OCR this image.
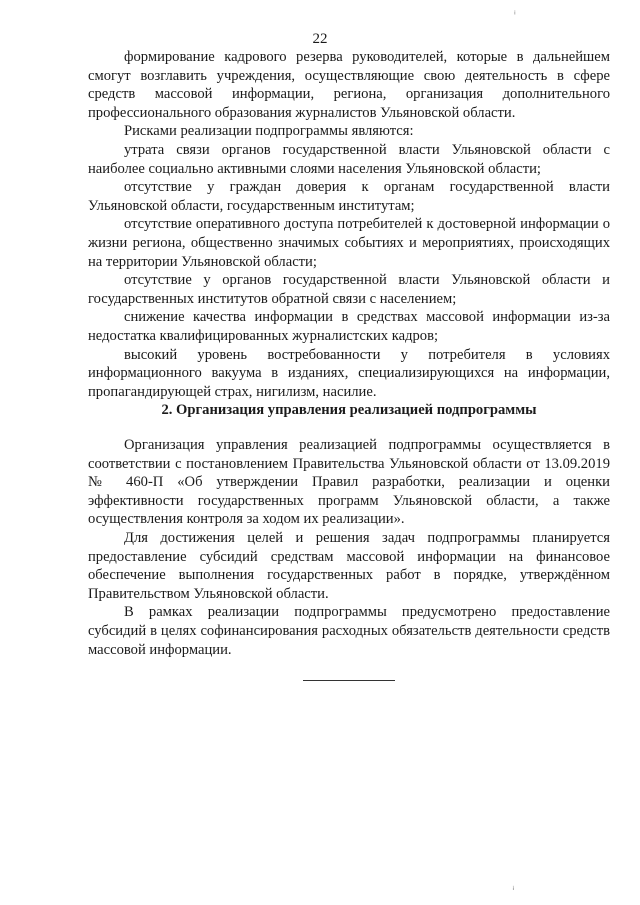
22

формирование кадрового резерва руководителей, которые в дальнейшем смогут возглавить учреждения, осуществляющие свою деятельность в сфере средств массовой информации, региона, организация дополнительного профессионального образования журналистов Ульяновской области.

Рисками реализации подпрограммы являются:

утрата связи органов государственной власти Ульяновской области с наиболее социально активными слоями населения Ульяновской области;

отсутствие у граждан доверия к органам государственной власти Ульяновской области, государственным институтам;

отсутствие оперативного доступа потребителей к достоверной информации о жизни региона, общественно значимых событиях и мероприятиях, происходящих на территории Ульяновской области;

отсутствие у органов государственной власти Ульяновской области и государственных институтов обратной связи с населением;

снижение качества информации в средствах массовой информации из-за недостатка квалифицированных журналистских кадров;

высокий уровень востребованности у потребителя в условиях информационного вакуума в изданиях, специализирующихся на информации, пропагандирующей страх, нигилизм, насилие.

2. Организация управления реализацией подпрограммы

Организация управления реализацией подпрограммы осуществляется в соответствии с постановлением Правительства Ульяновской области от 13.09.2019 № 460-П «Об утверждении Правил разработки, реализации и оценки эффективности государственных программ Ульяновской области, а также осуществления контроля за ходом их реализации».

Для достижения целей и решения задач подпрограммы планируется предоставление субсидий средствам массовой информации на финансовое обеспечение выполнения государственных работ в порядке, утверждённом Правительством Ульяновской области.

В рамках реализации подпрограммы предусмотрено предоставление субсидий в целях софинансирования расходных обязательств деятельности средств массовой информации.

ⁱ
ꜟ
